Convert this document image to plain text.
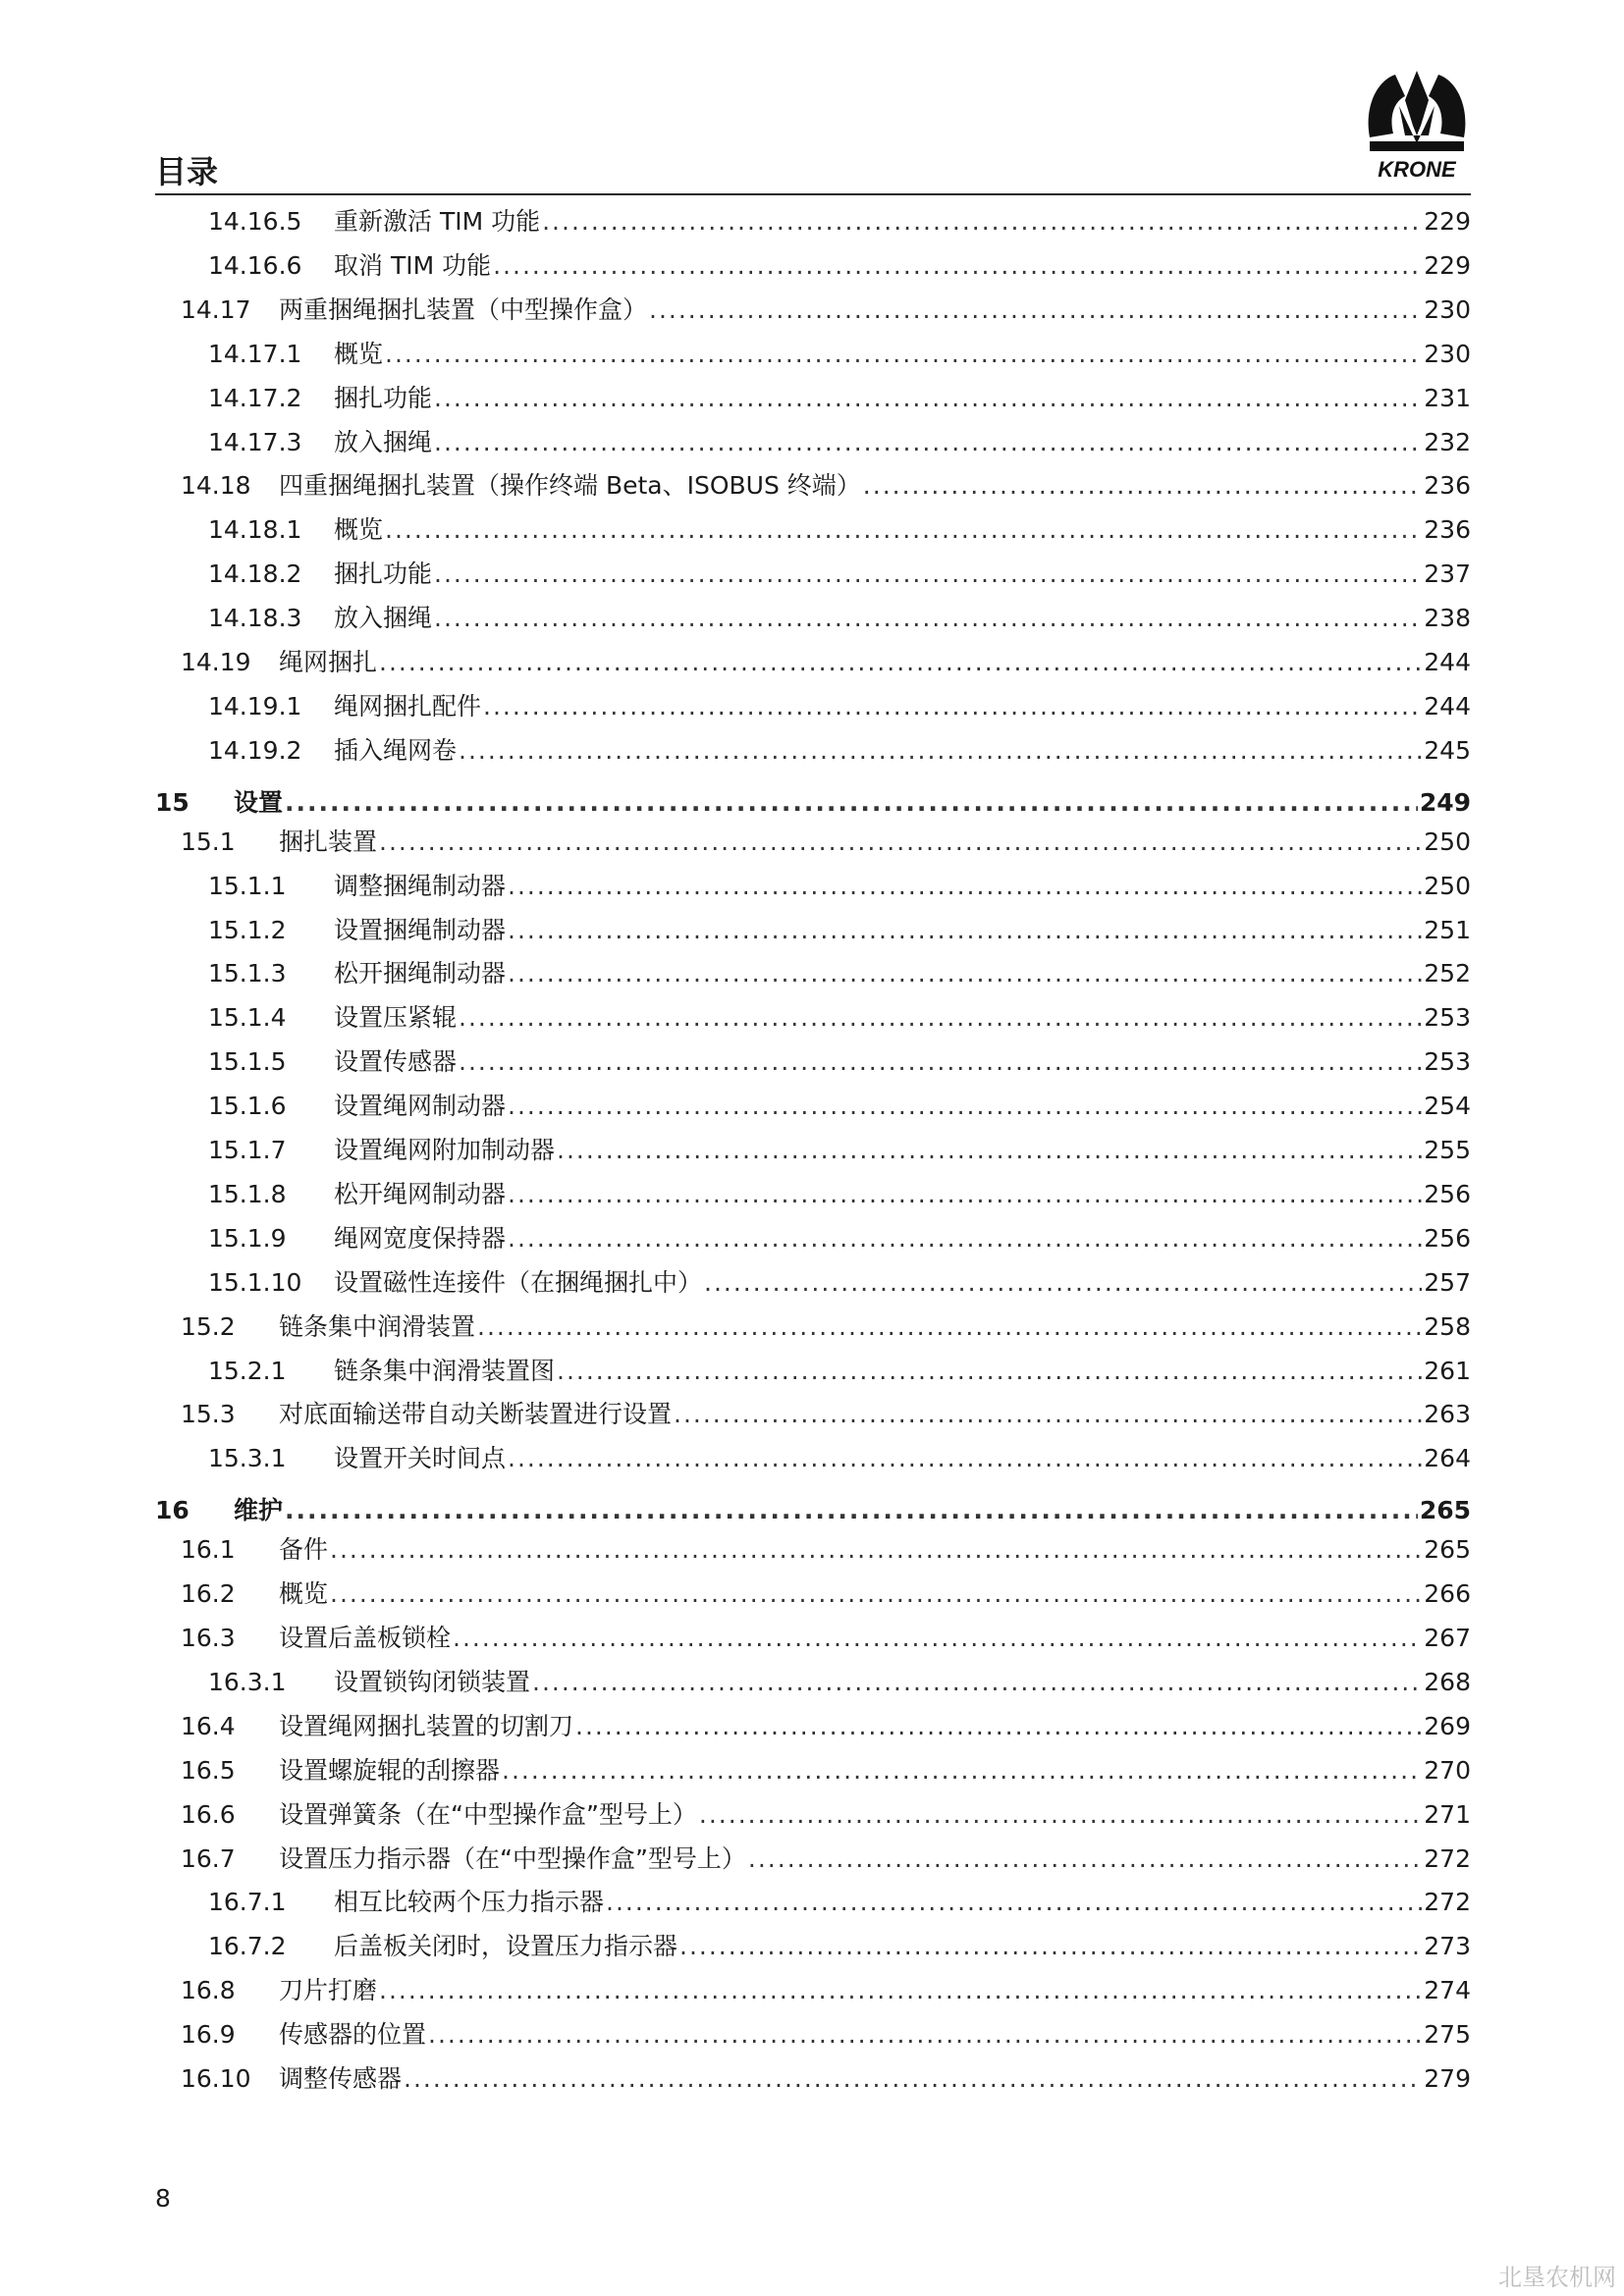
KRONE
目录
14.16.5	重新激活 TIM 功能 .....	229
14.16.6	取消 TIM 功能 .....	229
14.17	两重捆绳捆扎装置（中型操作盒） .....	230
14.17.1	概览 .....	230
14.17.2	捆扎功能 .....	231
14.17.3	放入捆绳 .....	232
14.18	四重捆绳捆扎装置（操作终端 Beta、ISOBUS 终端） .....	236
14.18.1	概览 .....	236
14.18.2	捆扎功能 .....	237
14.18.3	放入捆绳 .....	238
14.19	绳网捆扎 .....	244
14.19.1	绳网捆扎配件 .....	244
14.19.2	插入绳网卷 .....	245
15	设置 .....	249
15.1	捆扎装置 .....	250
15.1.1	调整捆绳制动器 .....	250
15.1.2	设置捆绳制动器 .....	251
15.1.3	松开捆绳制动器 .....	252
15.1.4	设置压紧辊 .....	253
15.1.5	设置传感器 .....	253
15.1.6	设置绳网制动器 .....	254
15.1.7	设置绳网附加制动器 .....	255
15.1.8	松开绳网制动器 .....	256
15.1.9	绳网宽度保持器 .....	256
15.1.10	设置磁性连接件（在捆绳捆扎中） .....	257
15.2	链条集中润滑装置 .....	258
15.2.1	链条集中润滑装置图 .....	261
15.3	对底面输送带自动关断装置进行设置 .....	263
15.3.1	设置开关时间点 .....	264
16	维护 .....	265
16.1	备件 .....	265
16.2	概览 .....	266
16.3	设置后盖板锁栓 .....	267
16.3.1	设置锁钩闭锁装置 .....	268
16.4	设置绳网捆扎装置的切割刀 .....	269
16.5	设置螺旋辊的刮擦器 .....	270
16.6	设置弹簧条（在“中型操作盒”型号上） .....	271
16.7	设置压力指示器（在“中型操作盒”型号上） .....	272
16.7.1	相互比较两个压力指示器 .....	272
16.7.2	后盖板关闭时，设置压力指示器 .....	273
16.8	刀片打磨 .....	274
16.9	传感器的位置 .....	275
16.10	调整传感器 .....	279
8
北垦农机网
